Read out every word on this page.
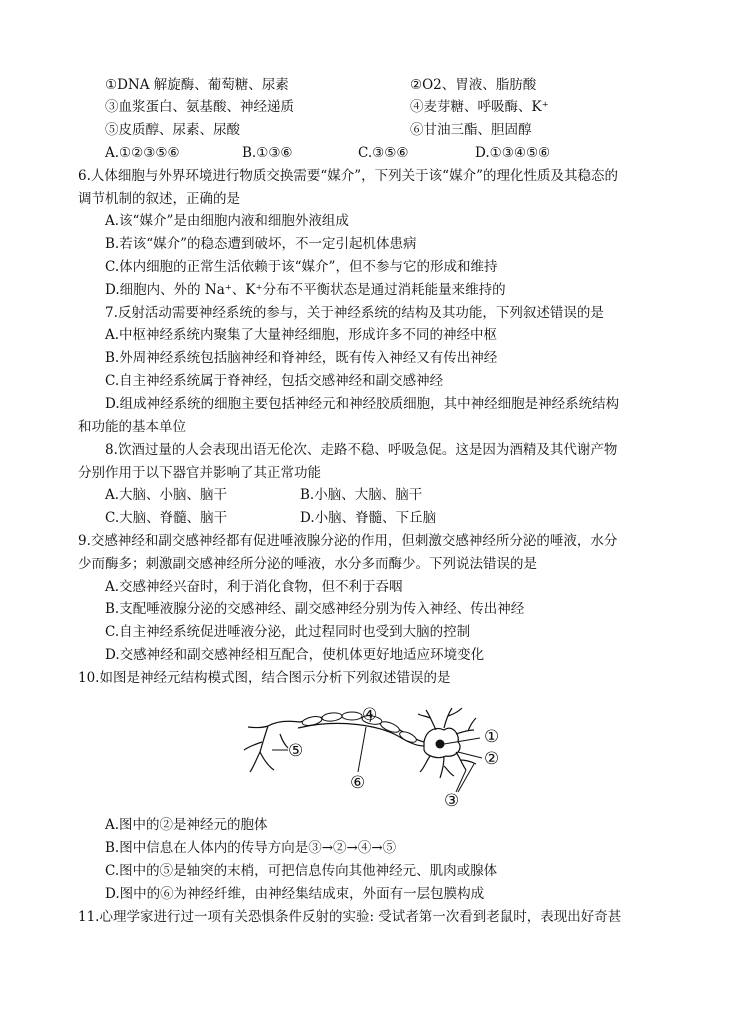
①DNA 解旋酶、葡萄糖、尿素	②O2、胃液、脂肪酸
③血浆蛋白、氨基酸、神经递质	④麦芽糖、呼吸酶、K⁺
⑤皮质醇、尿素、尿酸	⑥甘油三酯、胆固醇
A.①②③⑤⑥	B.①③⑥	C.③⑤⑥	D.①③④⑤⑥
6.人体细胞与外界环境进行物质交换需要“媒介”，下列关于该“媒介”的理化性质及其稳态的
调节机制的叙述，正确的是
A.该“媒介”是由细胞内液和细胞外液组成
B.若该“媒介”的稳态遭到破坏，不一定引起机体患病
C.体内细胞的正常生活依赖于该“媒介”，但不参与它的形成和维持
D.细胞内、外的 Na⁺、K⁺分布不平衡状态是通过消耗能量来维持的
7.反射活动需要神经系统的参与，关于神经系统的结构及其功能，下列叙述错误的是
A.中枢神经系统内聚集了大量神经细胞，形成许多不同的神经中枢
B.外周神经系统包括脑神经和脊神经，既有传入神经又有传出神经
C.自主神经系统属于脊神经，包括交感神经和副交感神经
D.组成神经系统的细胞主要包括神经元和神经胶质细胞，其中神经细胞是神经系统结构
和功能的基本单位
8.饮酒过量的人会表现出语无伦次、走路不稳、呼吸急促。这是因为酒精及其代谢产物
分别作用于以下器官并影响了其正常功能
A.大脑、小脑、脑干	B.小脑、大脑、脑干
C.大脑、脊髓、脑干	D.小脑、脊髓、下丘脑
9.交感神经和副交感神经都有促进唾液腺分泌的作用，但刺激交感神经所分泌的唾液，水分
少而酶多；刺激副交感神经所分泌的唾液，水分多而酶少。下列说法错误的是
A.交感神经兴奋时，利于消化食物，但不利于吞咽
B.支配唾液腺分泌的交感神经、副交感神经分别为传入神经、传出神经
C.自主神经系统促进唾液分泌，此过程同时也受到大脑的控制
D.交感神经和副交感神经相互配合，使机体更好地适应环境变化
10.如图是神经元结构模式图，结合图示分析下列叙述错误的是
④
①
②
③
⑤
⑥
A.图中的②是神经元的胞体
B.图中信息在人体内的传导方向是③→②→④→⑤
C.图中的⑤是轴突的末梢，可把信息传向其他神经元、肌肉或腺体
D.图中的⑥为神经纤维，由神经集结成束，外面有一层包膜构成
11.心理学家进行过一项有关恐惧条件反射的实验: 受试者第一次看到老鼠时，表现出好奇甚
